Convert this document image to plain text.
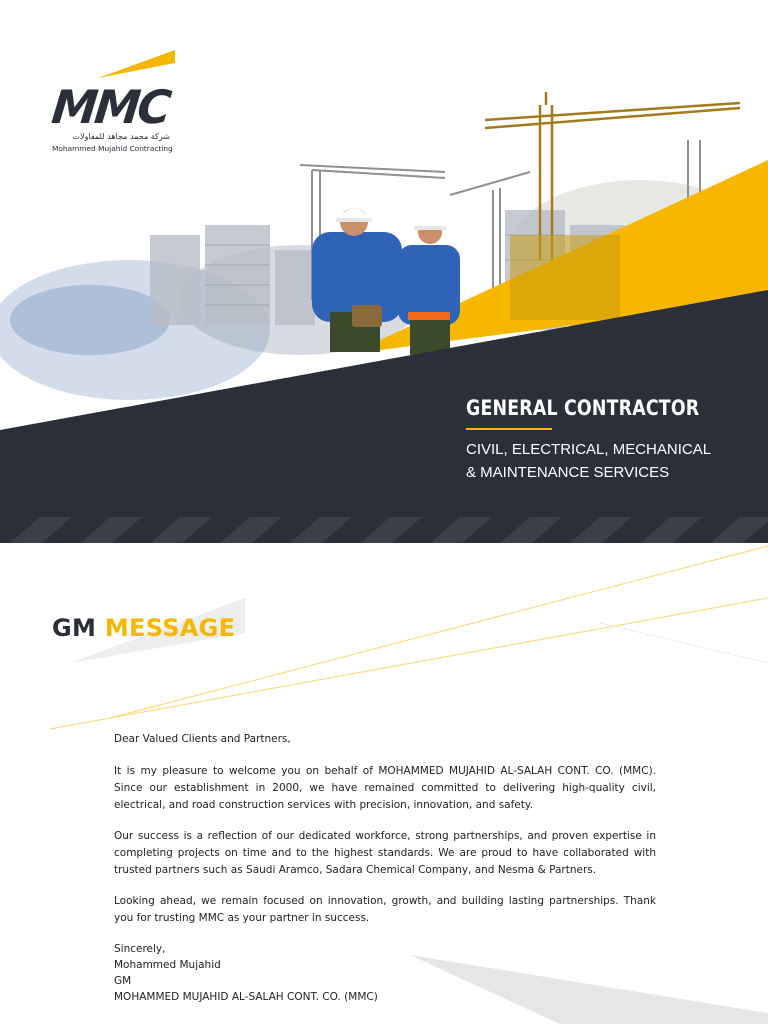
MMC
شركة محمد مجاهد للمقاولات
Mohammed Mujahid Contracting
GENERAL CONTRACTOR
CIVIL, ELECTRICAL, MECHANICAL
& MAINTENANCE SERVICES
GM MESSAGE

Dear Valued Clients and Partners,

It is my pleasure to welcome you on behalf of MOHAMMED MUJAHID AL-SALAH CONT. CO. (MMC). Since our establishment in 2000, we have remained committed to delivering high-quality civil, electrical, and road construction services with precision, innovation, and safety.

Our success is a reflection of our dedicated workforce, strong partnerships, and proven expertise in completing projects on time and to the highest standards. We are proud to have collaborated with trusted partners such as Saudi Aramco, Sadara Chemical Company, and Nesma & Partners.

Looking ahead, we remain focused on innovation, growth, and building lasting partnerships. Thank you for trusting MMC as your partner in success.

Sincerely,
Mohammed Mujahid
GM
MOHAMMED MUJAHID AL-SALAH CONT. CO. (MMC)
